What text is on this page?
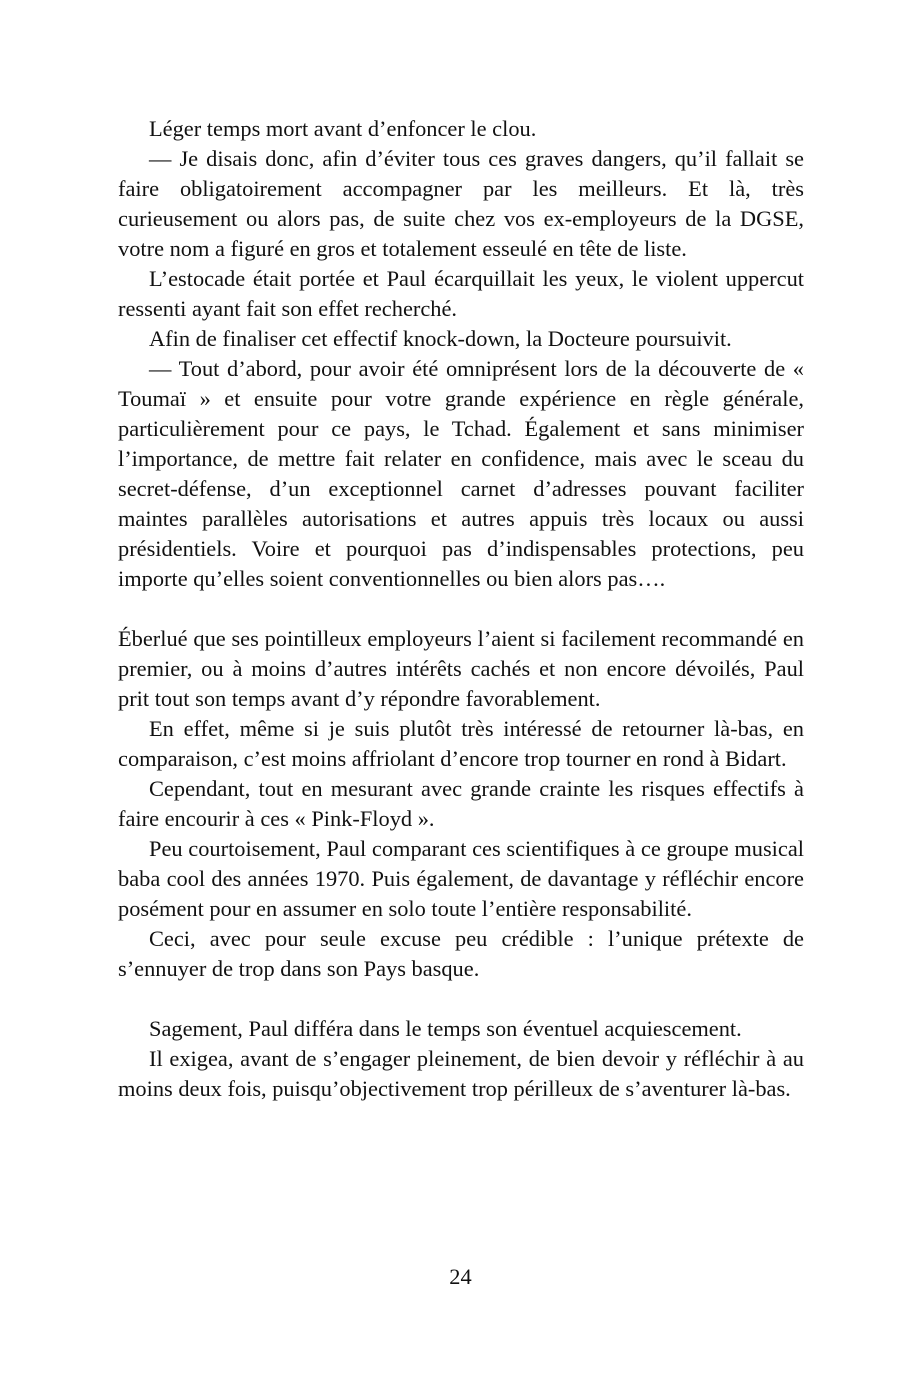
Léger temps mort avant d’enfoncer le clou.

— Je disais donc, afin d’éviter tous ces graves dangers, qu’il fallait se faire obligatoirement accompagner par les meilleurs. Et là, très curieusement ou alors pas, de suite chez vos ex-employeurs de la DGSE, votre nom a figuré en gros et totalement esseulé en tête de liste.

L’estocade était portée et Paul écarquillait les yeux, le violent uppercut ressenti ayant fait son effet recherché.

Afin de finaliser cet effectif knock-down, la Docteure poursuivit.

— Tout d’abord, pour avoir été omniprésent lors de la découverte de « Toumaï » et ensuite pour votre grande expérience en règle générale, particulièrement pour ce pays, le Tchad. Également et sans minimiser l’importance, de mettre fait relater en confidence, mais avec le sceau du secret-défense, d’un exceptionnel carnet d’adresses pouvant faciliter maintes parallèles autorisations et autres appuis très locaux ou aussi présidentiels. Voire et pourquoi pas d’indispensables protections, peu importe qu’elles soient conventionnelles ou bien alors pas….

Éberlué que ses pointilleux employeurs l’aient si facilement recommandé en premier, ou à moins d’autres intérêts cachés et non encore dévoilés, Paul prit tout son temps avant d’y répondre favorablement.

En effet, même si je suis plutôt très intéressé de retourner là-bas, en comparaison, c’est moins affriolant d’encore trop tourner en rond à Bidart.

Cependant, tout en mesurant avec grande crainte les risques effectifs à faire encourir à ces « Pink-Floyd ».

Peu courtoisement, Paul comparant ces scientifiques à ce groupe musical baba cool des années 1970. Puis également, de davantage y réfléchir encore posément pour en assumer en solo toute l’entière responsabilité.

Ceci, avec pour seule excuse peu crédible : l’unique prétexte de s’ennuyer de trop dans son Pays basque.

Sagement, Paul différa dans le temps son éventuel acquiescement.

Il exigea, avant de s’engager pleinement, de bien devoir y réfléchir à au moins deux fois, puisqu’objectivement trop périlleux de s’aventurer là-bas.

24
